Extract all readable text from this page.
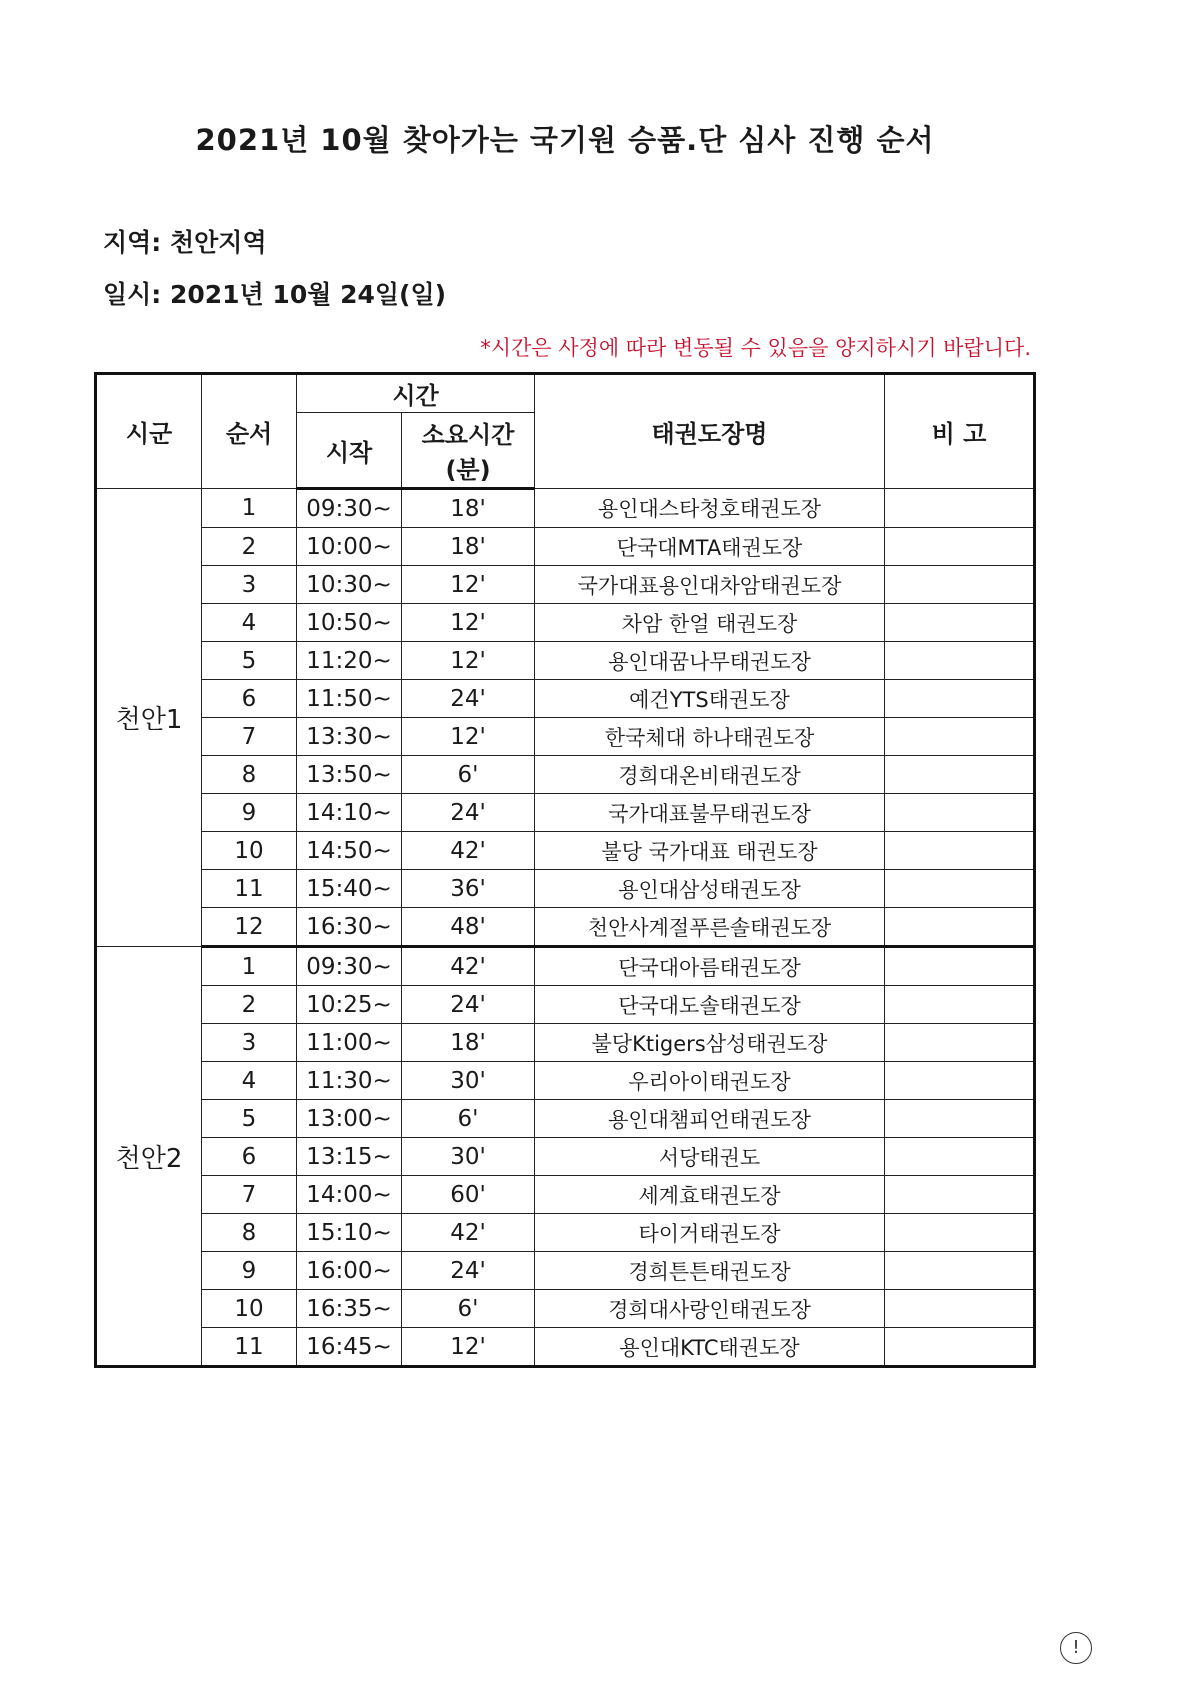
2021년 10월 찾아가는 국기원 승품.단 심사 진행 순서
지역: 천안지역
일시: 2021년 10월 24일(일)
*시간은 사정에 따라 변동될 수 있음을 양지하시기 바랍니다.
시군	순서	시간		태권도장명	비 고
		시작	소요시간
(분)		

천안1	1	09:30~	18'	용인대스타청호태권도장	
	2	10:00~	18'	단국대MTA태권도장	
	3	10:30~	12'	국가대표용인대차암태권도장	
	4	10:50~	12'	차암 한얼 태권도장	
	5	11:20~	12'	용인대꿈나무태권도장	
	6	11:50~	24'	예건YTS태권도장	
	7	13:30~	12'	한국체대 하나태권도장	
	8	13:50~	6'	경희대온비태권도장	
	9	14:10~	24'	국가대표불무태권도장	
	10	14:50~	42'	불당 국가대표 태권도장	
	11	15:40~	36'	용인대삼성태권도장	
	12	16:30~	48'	천안사계절푸른솔태권도장	
천안2	1	09:30~	42'	단국대아름태권도장	
	2	10:25~	24'	단국대도솔태권도장	
	3	11:00~	18'	불당Ktigers삼성태권도장	
	4	11:30~	30'	우리아이태권도장	
	5	13:00~	6'	용인대챔피언태권도장	
	6	13:15~	30'	서당태권도	
	7	14:00~	60'	세계효태권도장	
	8	15:10~	42'	타이거태권도장	
	9	16:00~	24'	경희튼튼태권도장	
	10	16:35~	6'	경희대사랑인태권도장	
	11	16:45~	12'	용인대KTC태권도장	
!
